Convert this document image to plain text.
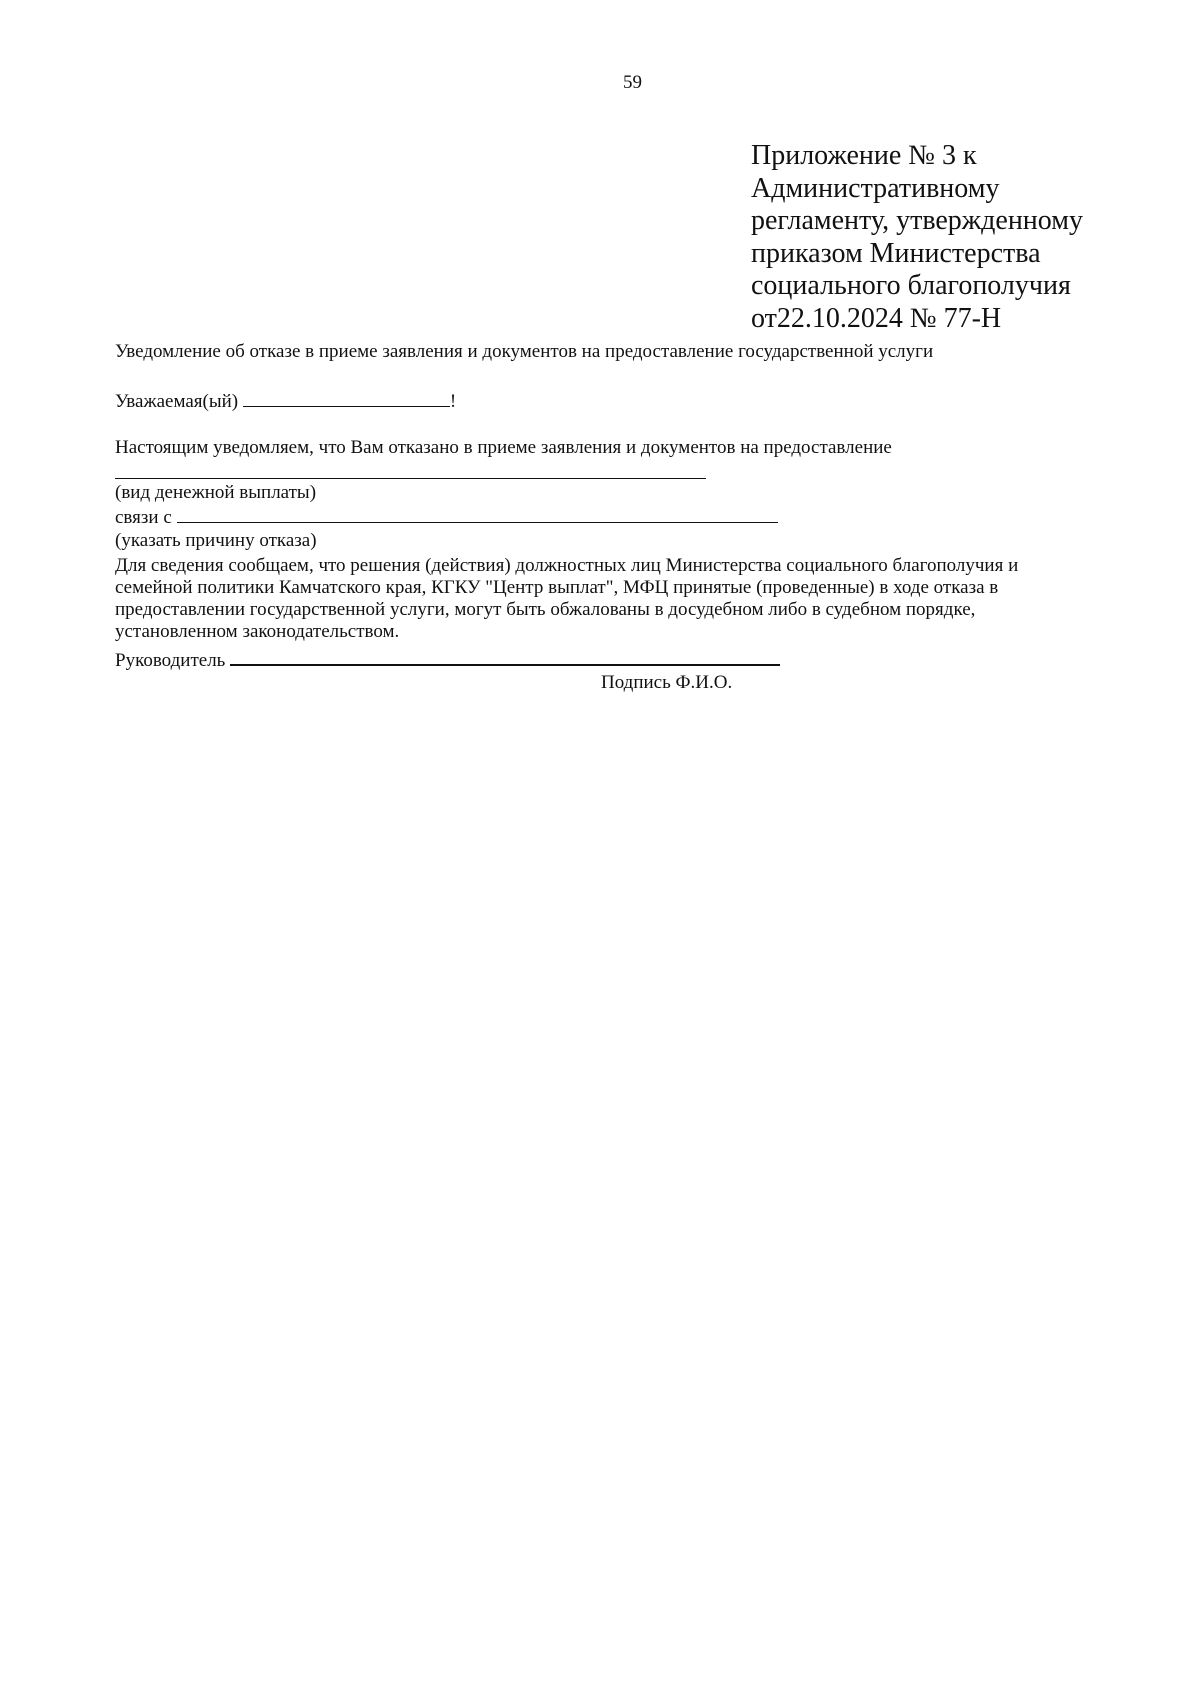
59
Приложение № 3 к
Административному
регламенту, утвержденному
приказом Министерства
социального благополучия
от22.10.2024 № 77-Н
Уведомление об отказе в приеме заявления и документов на предоставление государственной услуги
Уважаемая(ый)	!
Настоящим уведомляем, что Вам отказано в приеме заявления и документов на предоставление
(вид денежной выплаты)
связи с
(указать причину отказа)
Для сведения сообщаем, что решения (действия) должностных лиц Министерства социального благополучия и
семейной политики Камчатского края, КГКУ "Центр выплат", МФЦ принятые (проведенные) в ходе отказа в
предоставлении государственной услуги, могут быть обжалованы в досудебном либо в судебном порядке,
установленном законодательством.
Руководитель
Подпись Ф.И.О.
